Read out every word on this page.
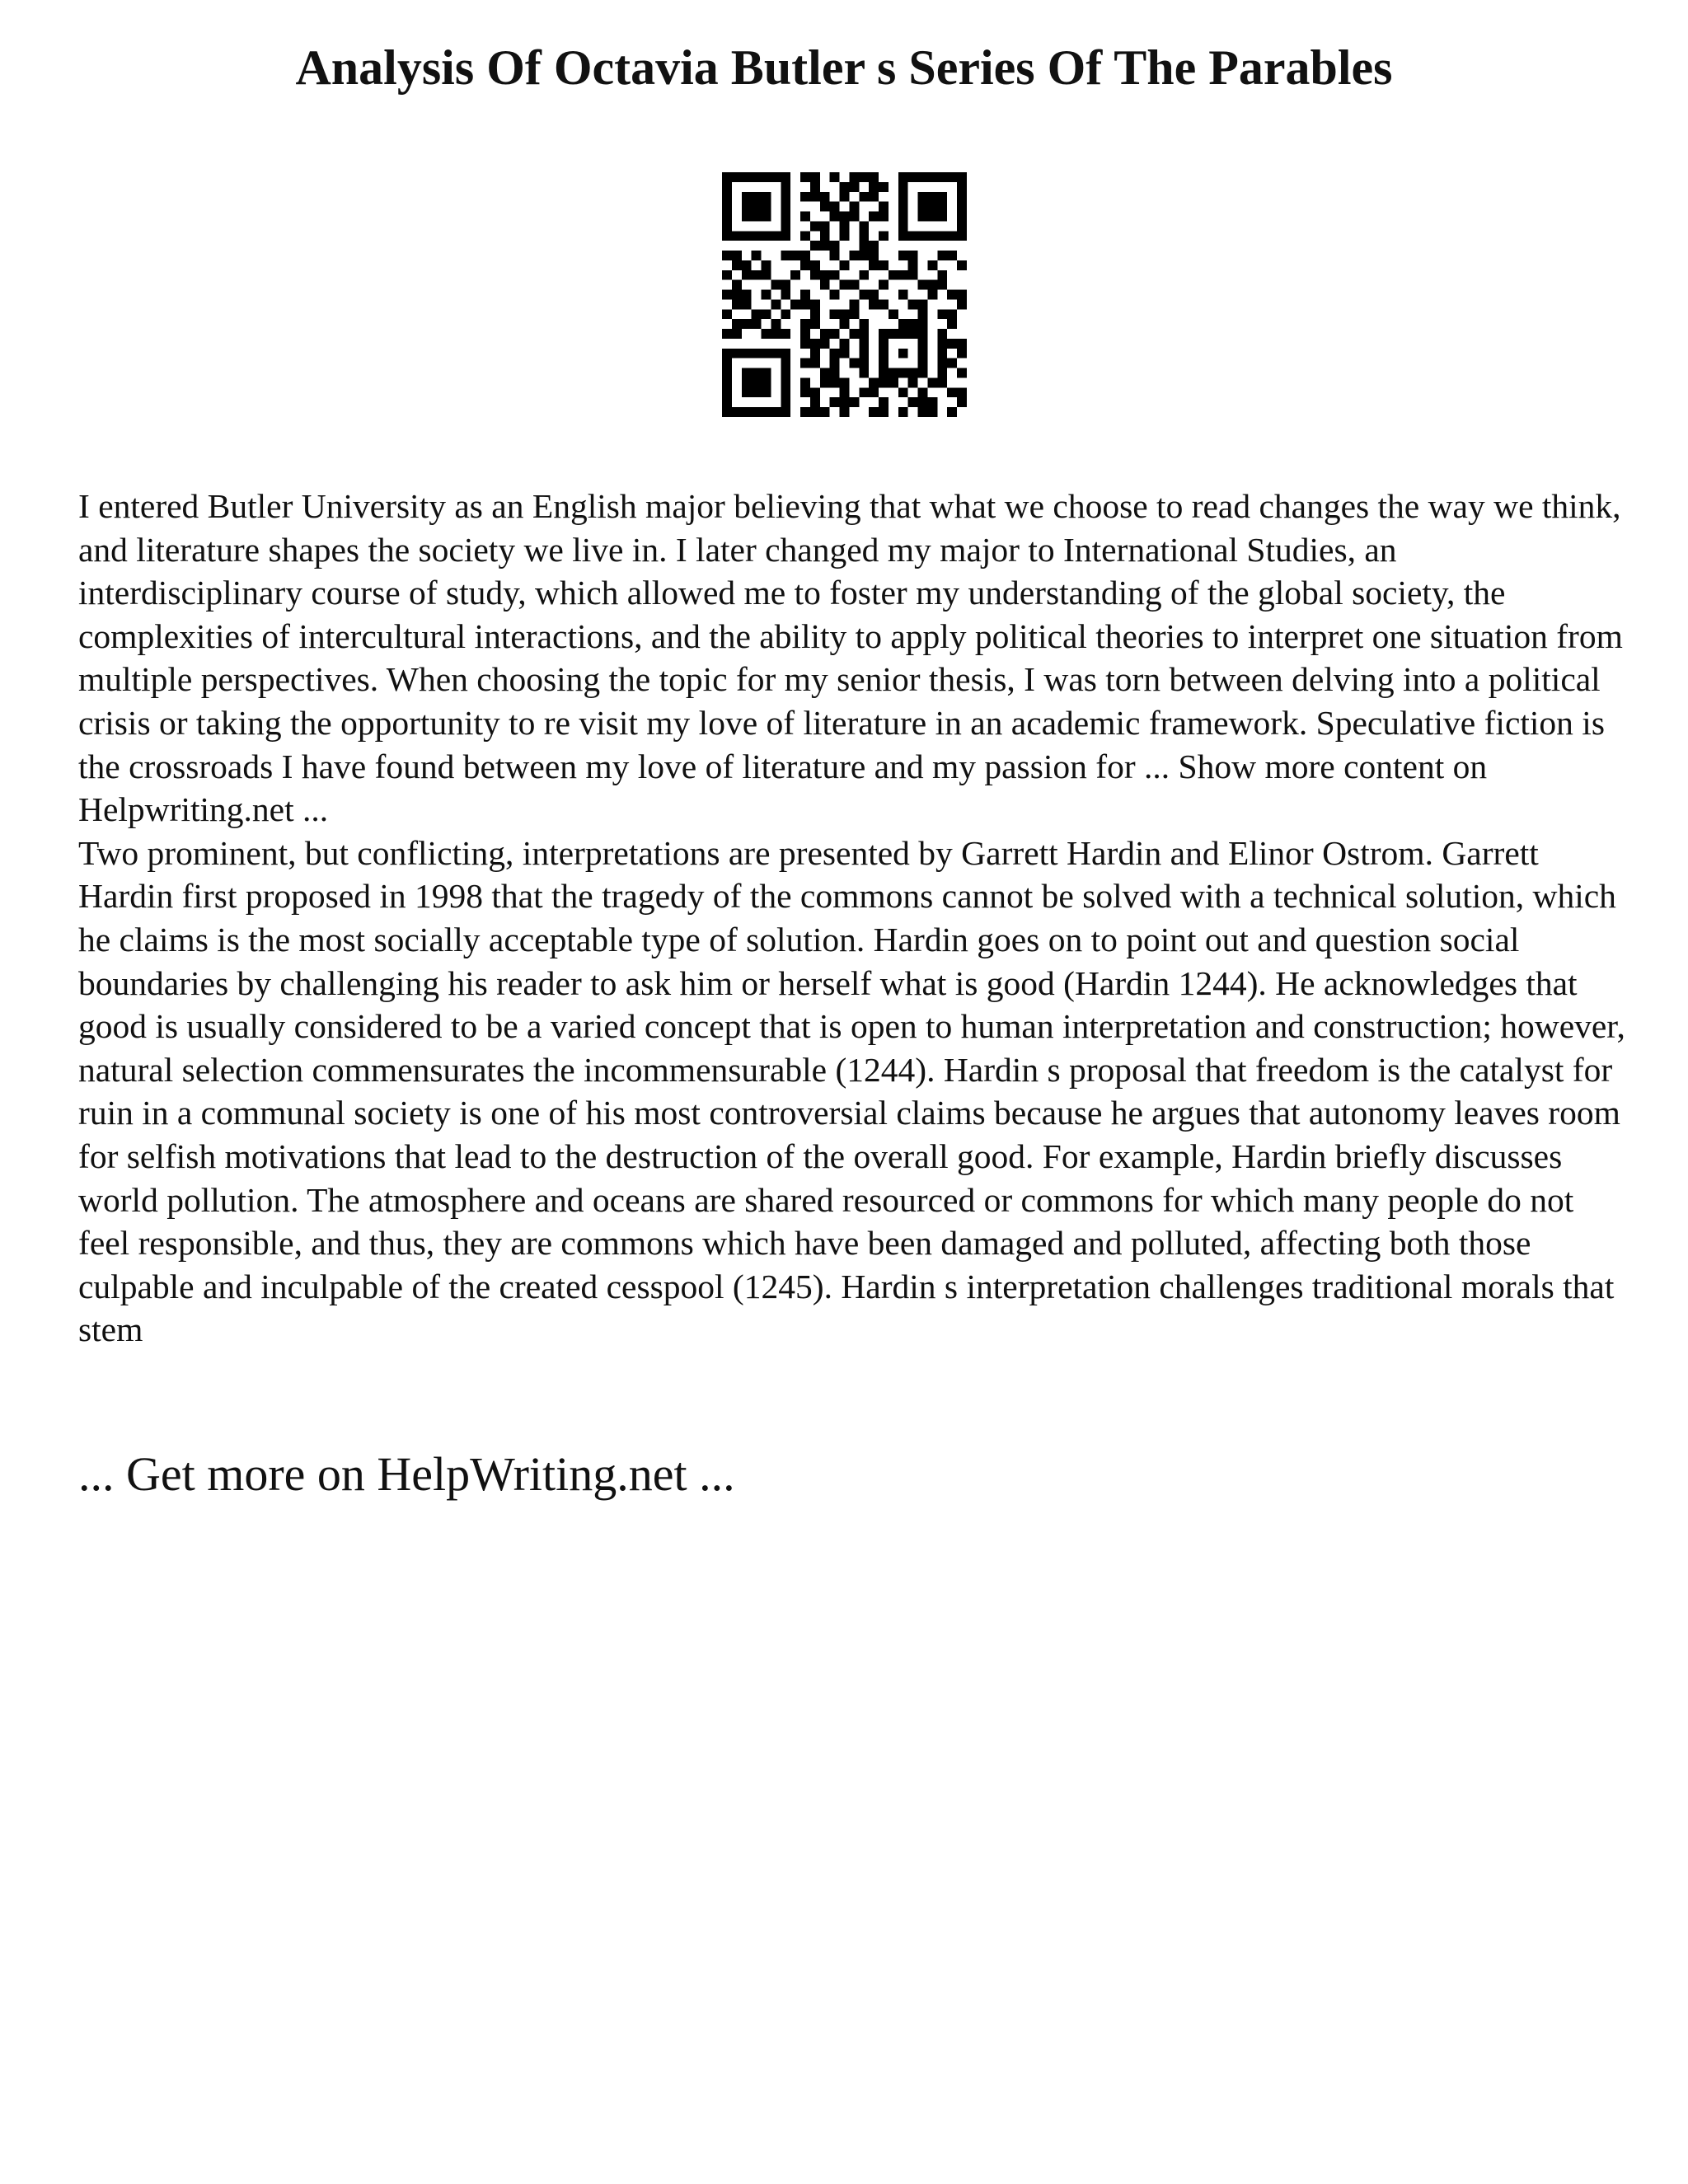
Analysis Of Octavia Butler s Series Of The Parables

I entered Butler University as an English major believing that what we choose to read changes the way we think, and literature shapes the society we live in. I later changed my major to International Studies, an interdisciplinary course of study, which allowed me to foster my understanding of the global society, the complexities of intercultural interactions, and the ability to apply political theories to interpret one situation from multiple perspectives. When choosing the topic for my senior thesis, I was torn between delving into a political crisis or taking the opportunity to re visit my love of literature in an academic framework. Speculative fiction is the crossroads I have found between my love of literature and my passion for ... Show more content on Helpwriting.net ...

Two prominent, but conflicting, interpretations are presented by Garrett Hardin and Elinor Ostrom. Garrett Hardin first proposed in 1998 that the tragedy of the commons cannot be solved with a technical solution, which he claims is the most socially acceptable type of solution. Hardin goes on to point out and question social boundaries by challenging his reader to ask him or herself what is good (Hardin 1244). He acknowledges that good is usually considered to be a varied concept that is open to human interpretation and construction; however, natural selection commensurates the incommensurable (1244). Hardin s proposal that freedom is the catalyst for ruin in a communal society is one of his most controversial claims because he argues that autonomy leaves room for selfish motivations that lead to the destruction of the overall good. For example, Hardin briefly discusses world pollution. The atmosphere and oceans are shared resourced or commons for which many people do not feel responsible, and thus, they are commons which have been damaged and polluted, affecting both those culpable and inculpable of the created cesspool (1245). Hardin s interpretation challenges traditional morals that stem

... Get more on HelpWriting.net ...
